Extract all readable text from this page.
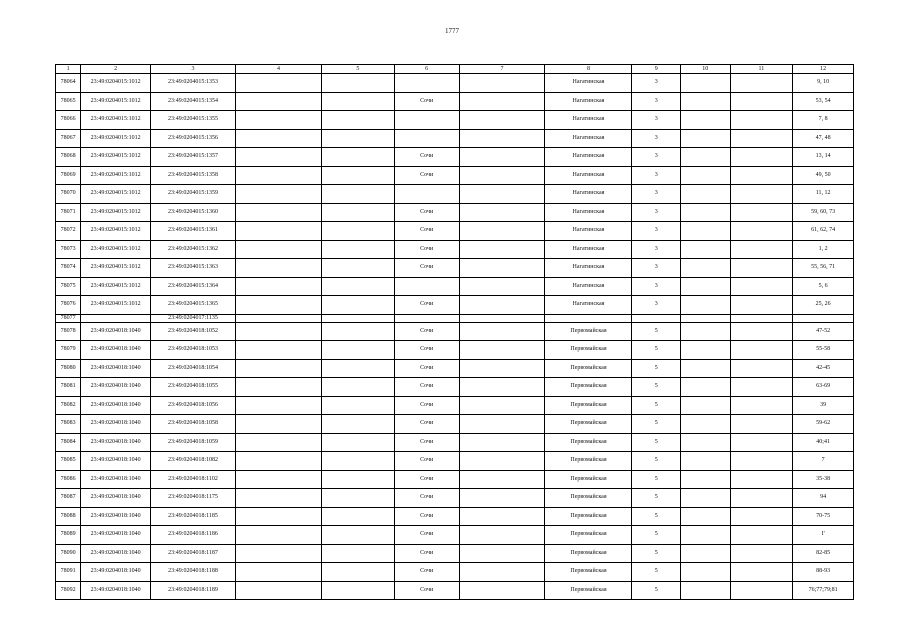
1777
1	2	3	4	5	6	7	8	9	10	11	12
78064	23:49:0204015:1012	23:49:0204015:1353					Нагатинская	3			9, 10
78065	23:49:0204015:1012	23:49:0204015:1354			Сочи		Нагатинская	3			53, 54
78066	23:49:0204015:1012	23:49:0204015:1355					Нагатинская	3			7, 8
78067	23:49:0204015:1012	23:49:0204015:1356					Нагатинская	3			47, 48
78068	23:49:0204015:1012	23:49:0204015:1357			Сочи		Нагатинская	3			13, 14
78069	23:49:0204015:1012	23:49:0204015:1358			Сочи		Нагатинская	3			49, 50
78070	23:49:0204015:1012	23:49:0204015:1359					Нагатинская	3			11, 12
78071	23:49:0204015:1012	23:49:0204015:1360			Сочи		Нагатинская	3			59, 60, 73
78072	23:49:0204015:1012	23:49:0204015:1361			Сочи		Нагатинская	3			61, 62, 74
78073	23:49:0204015:1012	23:49:0204015:1362			Сочи		Нагатинская	3			1, 2
78074	23:49:0204015:1012	23:49:0204015:1363			Сочи		Нагатинская	3			55, 56, 71
78075	23:49:0204015:1012	23:49:0204015:1364					Нагатинская	3			5, 6
78076	23:49:0204015:1012	23:49:0204015:1365			Сочи		Нагатинская	3			25, 26
78077		23:49:0204017:1135									
78078	23:49:0204018:1040	23:49:0204018:1052			Сочи		Первомайская	5			47-52
78079	23:49:0204018:1040	23:49:0204018:1053			Сочи		Первомайская	5			55-58
78080	23:49:0204018:1040	23:49:0204018:1054			Сочи		Первомайская	5			42-45
78081	23:49:0204018:1040	23:49:0204018:1055			Сочи		Первомайская	5			63-69
78082	23:49:0204018:1040	23:49:0204018:1056			Сочи		Первомайская	5			39
78083	23:49:0204018:1040	23:49:0204018:1058			Сочи		Первомайская	5			59-62
78084	23:49:0204018:1040	23:49:0204018:1059			Сочи		Первомайская	5			40;41
78085	23:49:0204018:1040	23:49:0204018:1082			Сочи		Первомайская	5			7
78086	23:49:0204018:1040	23:49:0204018:1102			Сочи		Первомайская	5			35-38
78087	23:49:0204018:1040	23:49:0204018:1175			Сочи		Первомайская	5			94
78088	23:49:0204018:1040	23:49:0204018:1185			Сочи		Первомайская	5			70-75
78089	23:49:0204018:1040	23:49:0204018:1186			Сочи		Первомайская	5			I'
78090	23:49:0204018:1040	23:49:0204018:1187			Сочи		Первомайская	5			82-85
78091	23:49:0204018:1040	23:49:0204018:1188			Сочи		Первомайская	5			88-93
78092	23:49:0204018:1040	23:49:0204018:1189			Сочи		Первомайская	5			76;77;79;81
